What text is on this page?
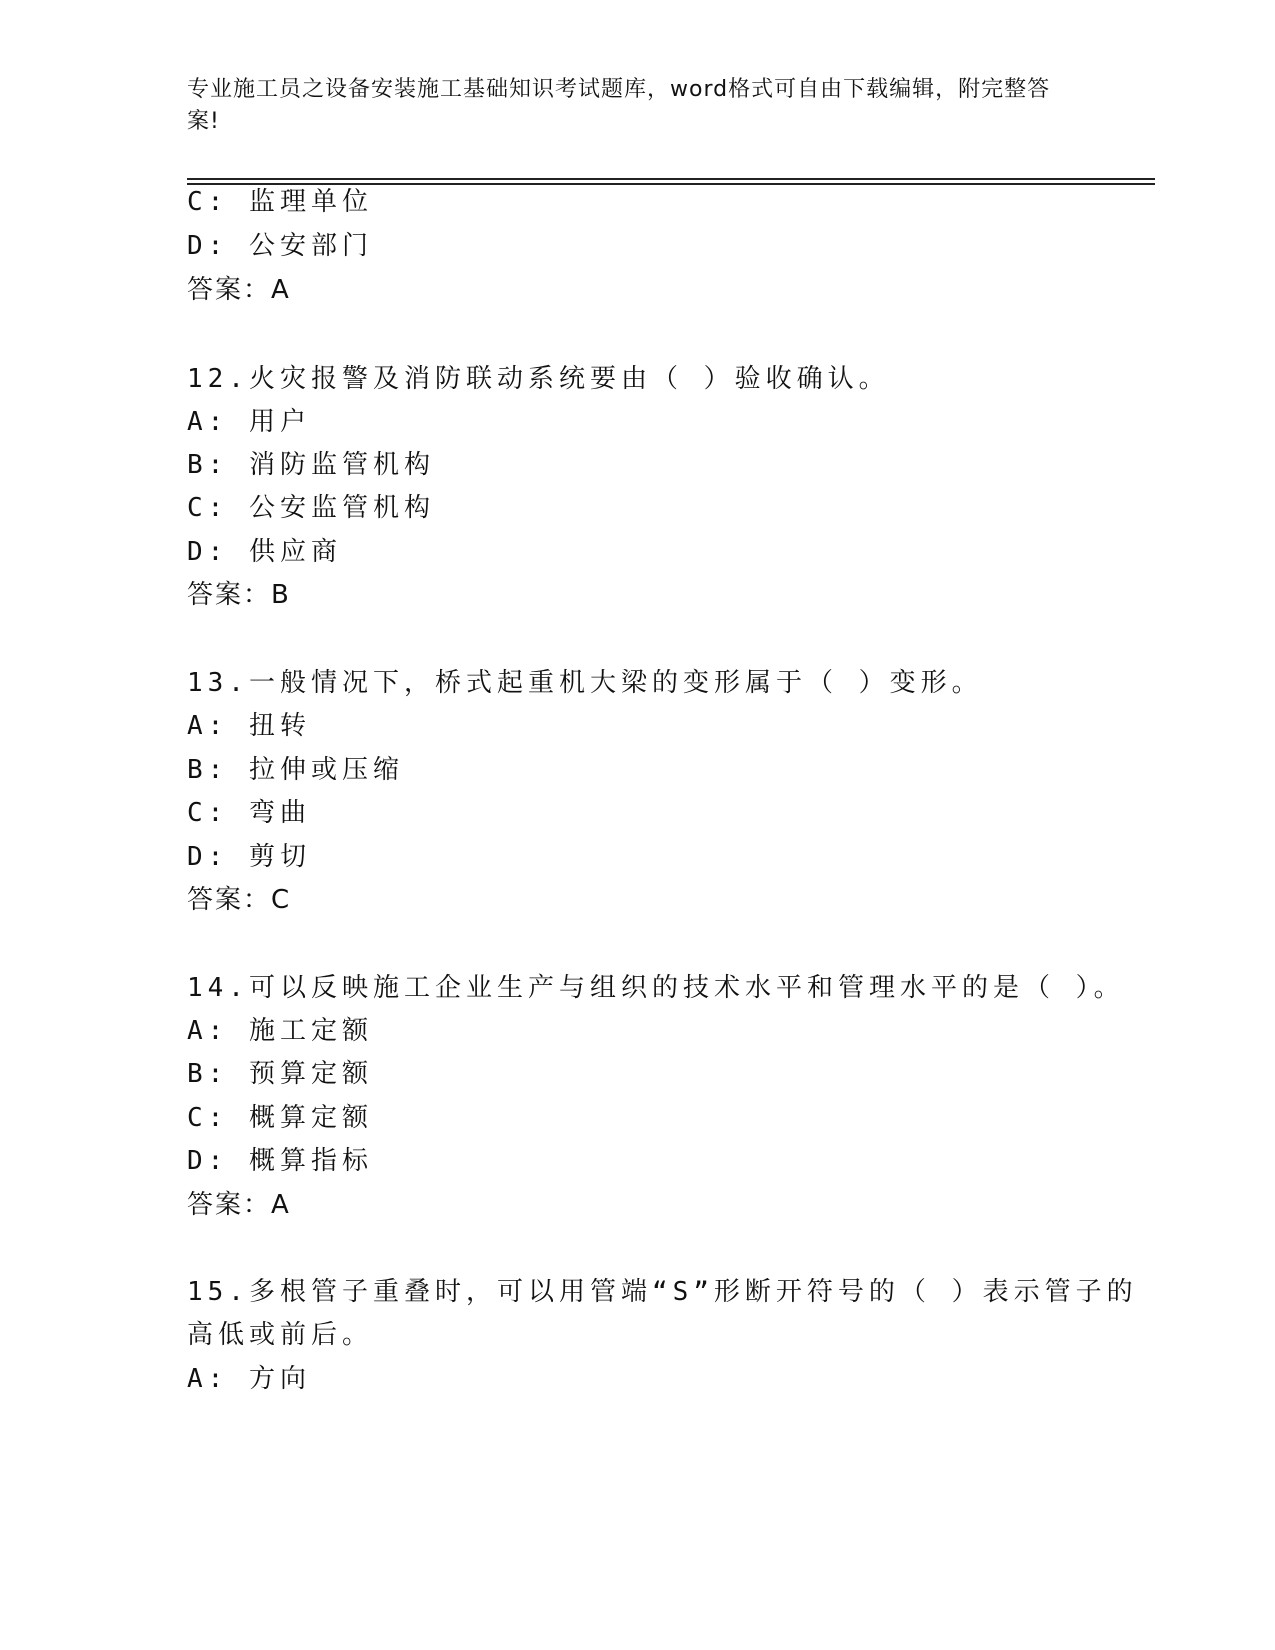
专业施工员之设备安装施工基础知识考试题库，word格式可自由下载编辑，附完整答案!
C: 监理单位
D: 公安部门
答案：A
12.火灾报警及消防联动系统要由（ ）验收确认。
A: 用户
B: 消防监管机构
C: 公安监管机构
D: 供应商
答案：B
13.一般情况下，桥式起重机大梁的变形属于（ ）变形。
A: 扭转
B: 拉伸或压缩
C: 弯曲
D: 剪切
答案：C
14.可以反映施工企业生产与组织的技术水平和管理水平的是（ ）。
A: 施工定额
B: 预算定额
C: 概算定额
D: 概算指标
答案：A
15.多根管子重叠时，可以用管端“S”形断开符号的（ ）表示管子的
高低或前后。
A: 方向
